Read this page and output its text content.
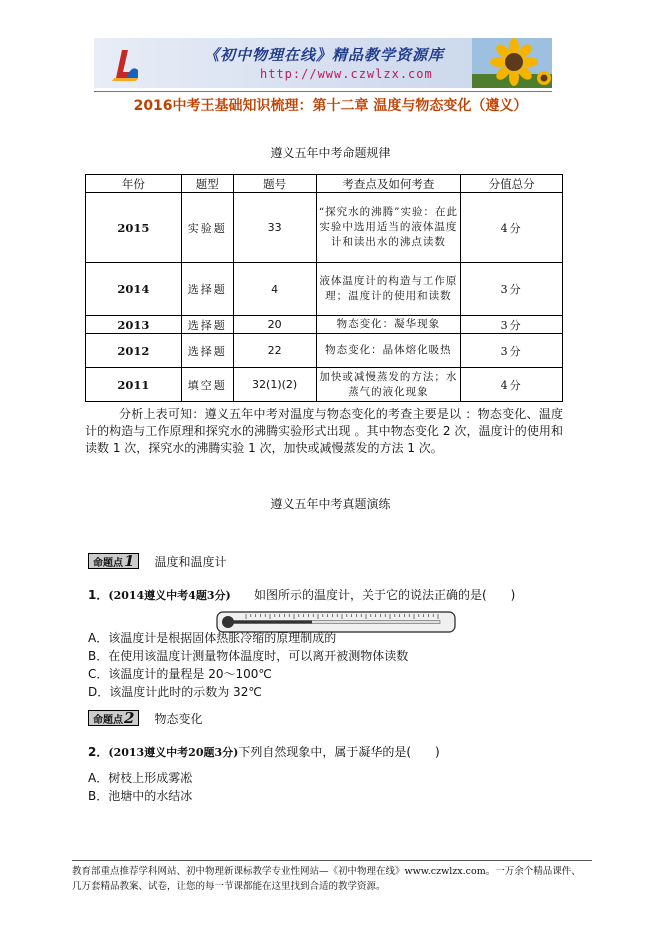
《初中物理在线》精品教学资源库
http://www.czwlzx.com
2016中考王基础知识梳理：第十二章 温度与物态变化（遵义）
遵义五年中考命题规律
年份	题型	题号	考查点及如何考查	分值总分
2015	实验题	33	“探究水的沸腾”实验：在此实验中选用适当的液体温度计和读出水的沸点读数	4分
2014	选择题	4	液体温度计的构造与工作原理；温度计的使用和读数	3分
2013	选择题	20	物态变化：凝华现象	3分
2012	选择题	22	物态变化：晶体熔化吸热	3分
2011	填空题	32(1)(2)	加快或减慢蒸发的方法；水蒸气的液化现象	4分
分析上表可知：遵义五年中考对温度与物态变化的考查主要是以 ：物态变化、温度计的构造与工作原理和探究水的沸腾实验形式出现 。其中物态变化 2 次，温度计的使用和读数 1 次，探究水的沸腾实验 1 次，加快或减慢蒸发的方法 1 次。
遵义五年中考真题演练
命题点1 温度和温度计
1．(2014遵义中考4题3分) 如图所示的温度计，关于它的说法正确的是(　　)
A．该温度计是根据固体热胀冷缩的原理制成的
B．在使用该温度计测量物体温度时，可以离开被测物体读数
C．该温度计的量程是 20～100℃
D．该温度计此时的示数为 32℃
命题点2 物态变化
2．(2013遵义中考20题3分)下列自然现象中，属于凝华的是(　　)
A．树枝上形成雾凇
B．池塘中的水结冰
教育部重点推荐学科网站、初中物理新课标教学专业性网站—《初中物理在线》www.czwlzx.com。一万余个精品课件、
几万套精品教案、试卷，让您的每一节课都能在这里找到合适的教学资源。
